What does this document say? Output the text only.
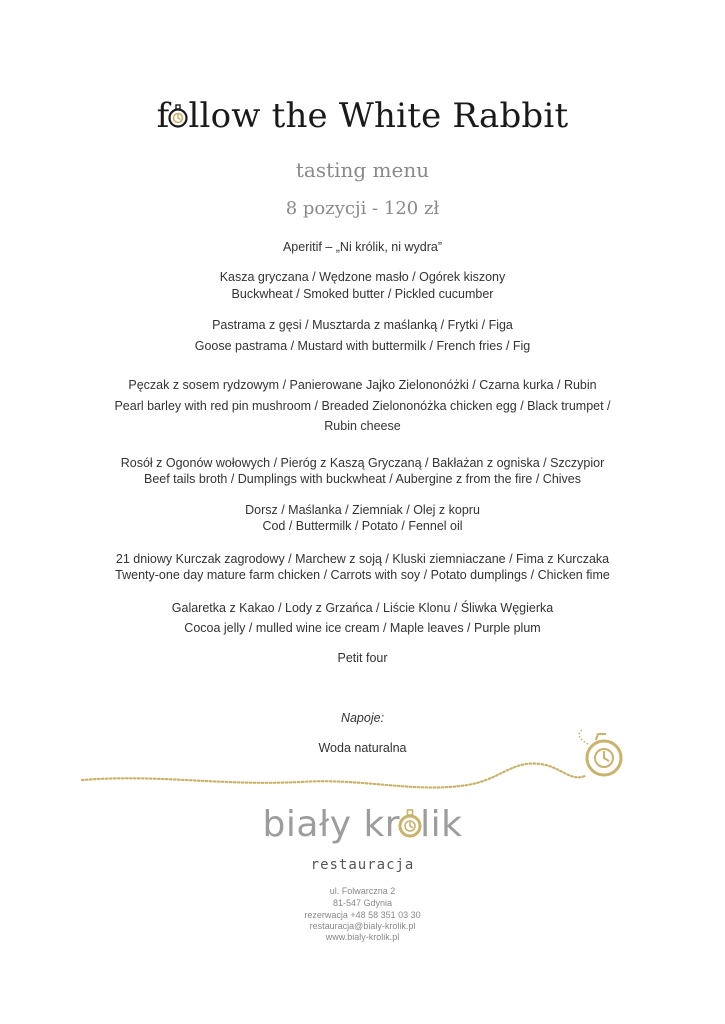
f llow the White Rabbit
tasting menu
8 pozycji - 120 zł
Aperitif – „Ni królik, ni wydra”
Kasza gryczana / Wędzone masło / Ogórek kiszony
Buckwheat / Smoked butter / Pickled cucumber
Pastrama z gęsi / Musztarda z maślanką / Frytki / Figa
Goose pastrama / Mustard with buttermilk / French fries / Fig
Pęczak z sosem rydzowym / Panierowane Jajko Zielononóżki / Czarna kurka / Rubin
Pearl barley with red pin mushroom / Breaded Zielononóżka chicken egg / Black trumpet /
Rubin cheese
Rosół z Ogonów wołowych / Pieróg z Kaszą Gryczaną / Bakłażan z ogniska / Szczypior
Beef tails broth / Dumplings with buckwheat / Aubergine z from the fire / Chives
Dorsz / Maślanka / Ziemniak / Olej z kopru
Cod / Buttermilk / Potato / Fennel oil
21 dniowy Kurczak zagrodowy / Marchew z soją / Kluski ziemniaczane / Fima z Kurczaka
Twenty-one day mature farm chicken / Carrots with soy / Potato dumplings / Chicken fime
Galaretka z Kakao / Lody z Grzańca / Liście Klonu / Śliwka Węgierka
Cocoa jelly / mulled wine ice cream / Maple leaves / Purple plum
Petit four
Napoje:
Woda naturalna
biały kr lik
restauracja
ul. Folwarczna 2
81-547 Gdynia
rezerwacja +48 58 351 03 30
restauracja@bialy-krolik.pl
www.bialy-krolik.pl
